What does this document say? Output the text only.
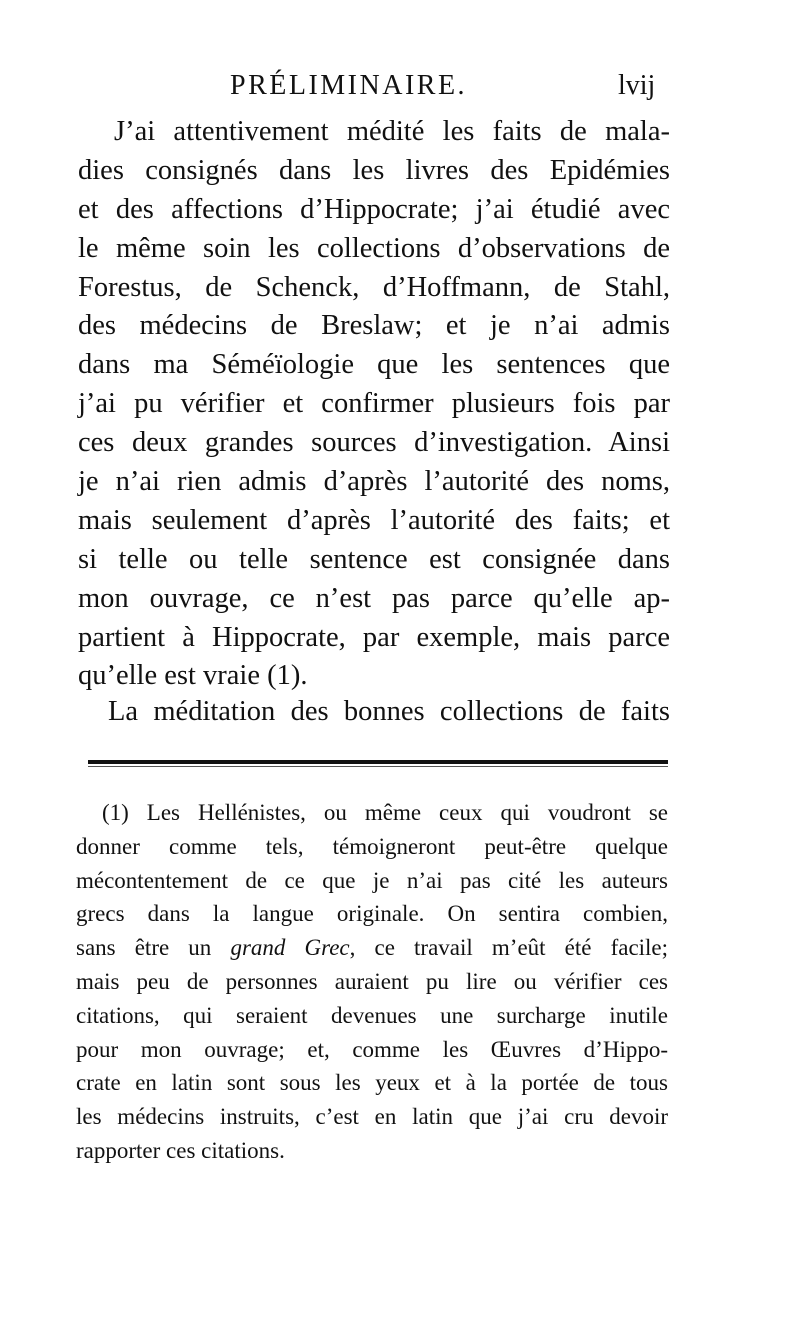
PRÉLIMINAIRE.	lvij
J’ai attentivement médité les faits de mala-
dies consignés dans les livres des Epidémies
et des affections d’Hippocrate; j’ai étudié avec
le même soin les collections d’observations de
Forestus, de Schenck, d’Hoffmann, de Stahl,
des médecins de Breslaw; et je n’ai admis
dans ma Séméïologie que les sentences que
j’ai pu vérifier et confirmer plusieurs fois par
ces deux grandes sources d’investigation. Ainsi
je n’ai rien admis d’après l’autorité des noms,
mais seulement d’après l’autorité des faits; et
si telle ou telle sentence est consignée dans
mon ouvrage, ce n’est pas parce qu’elle ap-
partient à Hippocrate, par exemple, mais parce
qu’elle est vraie (1).
La méditation des bonnes collections de faits
(1) Les Hellénistes, ou même ceux qui voudront se
donner comme tels, témoigneront peut-être quelque
mécontentement de ce que je n’ai pas cité les auteurs
grecs dans la langue originale. On sentira combien,
sans être un grand Grec, ce travail m’eût été facile;
mais peu de personnes auraient pu lire ou vérifier ces
citations, qui seraient devenues une surcharge inutile
pour mon ouvrage; et, comme les Œuvres d’Hippo-
crate en latin sont sous les yeux et à la portée de tous
les médecins instruits, c’est en latin que j’ai cru devoir
rapporter ces citations.
